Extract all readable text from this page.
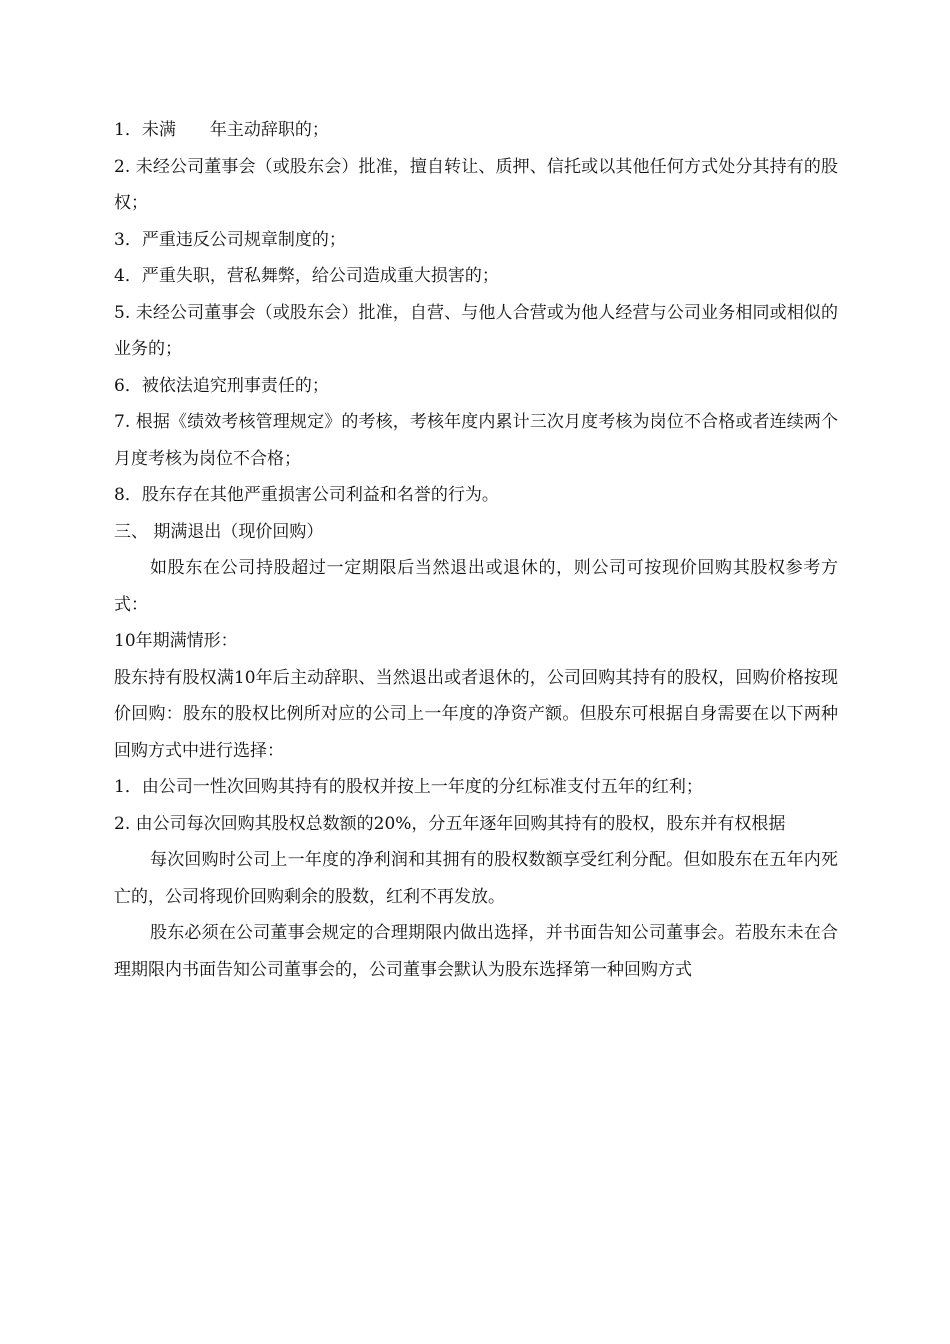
1．未满　　年主动辞职的；

2. 未经公司董事会（或股东会）批准，擅自转让、质押、信托或以其他任何方式处分其持有的股权；

3．严重违反公司规章制度的；

4．严重失职，营私舞弊，给公司造成重大损害的；

5. 未经公司董事会（或股东会）批准，自营、与他人合营或为他人经营与公司业务相同或相似的业务的；

6．被依法追究刑事责任的；

7. 根据《绩效考核管理规定》的考核，考核年度内累计三次月度考核为岗位不合格或者连续两个月度考核为岗位不合格；

8．股东存在其他严重损害公司利益和名誉的行为。

三、 期满退出（现价回购）

如股东在公司持股超过一定期限后当然退出或退休的，则公司可按现价回购其股权参考方式：

10年期满情形：

股东持有股权满10年后主动辞职、当然退出或者退休的，公司回购其持有的股权，回购价格按现价回购：股东的股权比例所对应的公司上一年度的净资产额。但股东可根据自身需要在以下两种回购方式中进行选择：

1．由公司一性次回购其持有的股权并按上一年度的分红标准支付五年的红利；

2. 由公司每次回购其股权总数额的20%，分五年逐年回购其持有的股权，股东并有权根据

每次回购时公司上一年度的净利润和其拥有的股权数额享受红利分配。但如股东在五年内死亡的，公司将现价回购剩余的股数，红利不再发放。

股东必须在公司董事会规定的合理期限内做出选择，并书面告知公司董事会。若股东未在合理期限内书面告知公司董事会的，公司董事会默认为股东选择第一种回购方式
